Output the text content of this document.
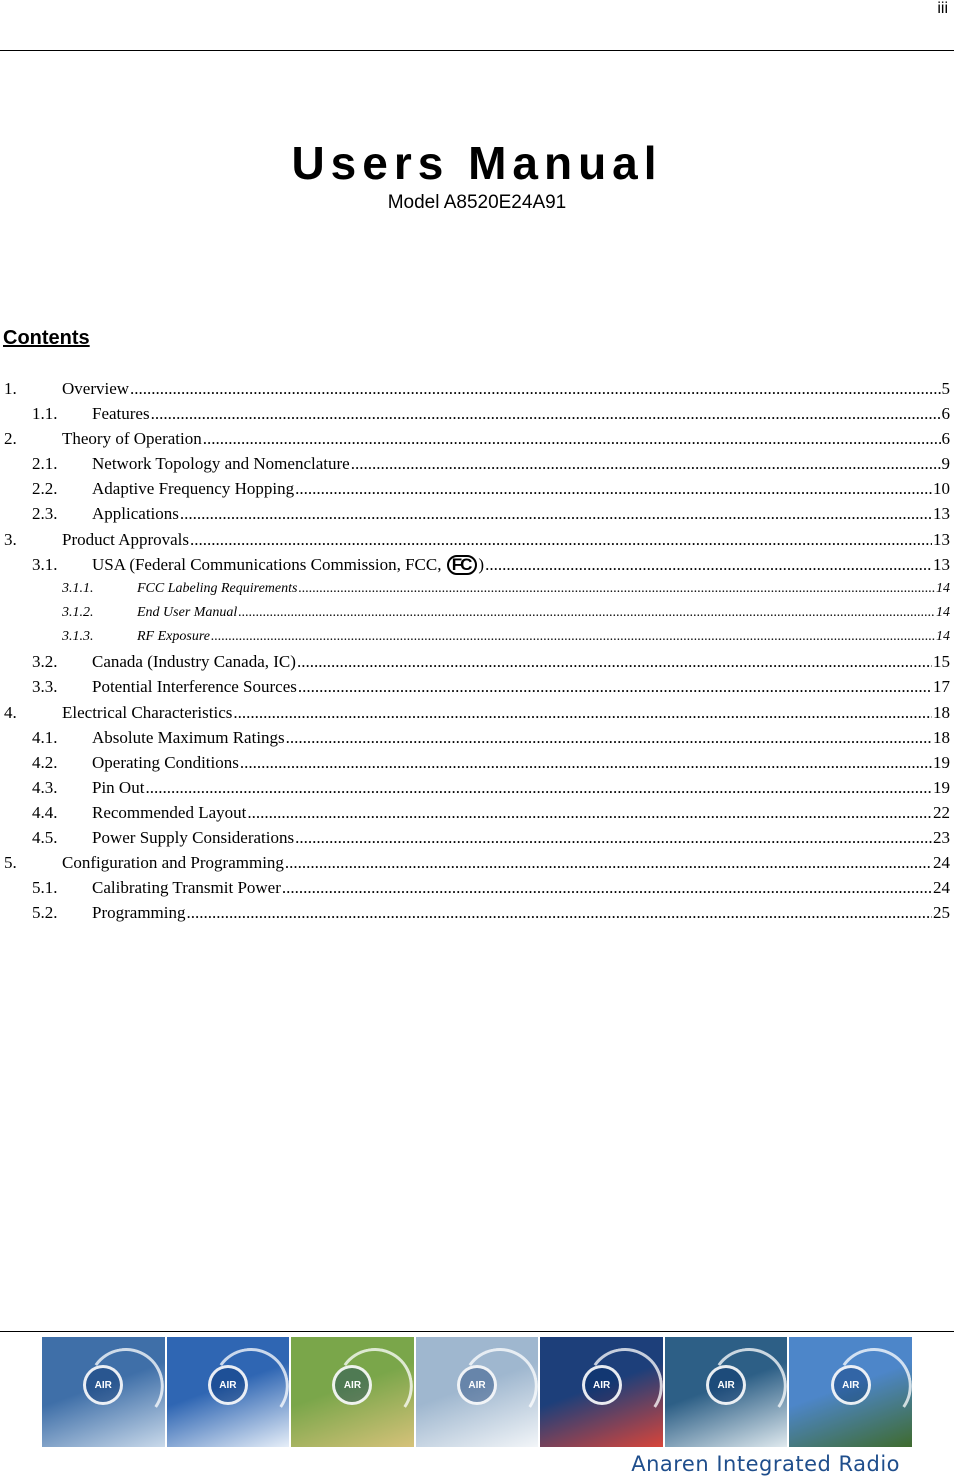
iii
Users Manual
Model A8520E24A91
Contents
1.	Overview .....	5
1.1. Features .....	6
2.	Theory of Operation .....	6
2.1. Network Topology and Nomenclature .....	9
2.2. Adaptive Frequency Hopping .....	10
2.3. Applications .....	13
3.	Product Approvals .....	13
3.1. USA (Federal Communications Commission, FCC, FC ) .....	13
3.1.1.	FCC Labeling Requirements .....	14
3.1.2.	End User Manual .....	14
3.1.3.	RF Exposure .....	14
3.2. Canada (Industry Canada, IC) .....	15
3.3. Potential Interference Sources .....	17
4.	Electrical Characteristics .....	18
4.1. Absolute Maximum Ratings .....	18
4.2. Operating Conditions .....	19
4.3. Pin Out .....	19
4.4. Recommended Layout .....	22
4.5. Power Supply Considerations .....	23
5.	Configuration and Programming .....	24
5.1. Calibrating Transmit Power .....	24
5.2. Programming .....	25
AIR	AIR	AIR	AIR	AIR	AIR	AIR
Anaren Integrated Radio
